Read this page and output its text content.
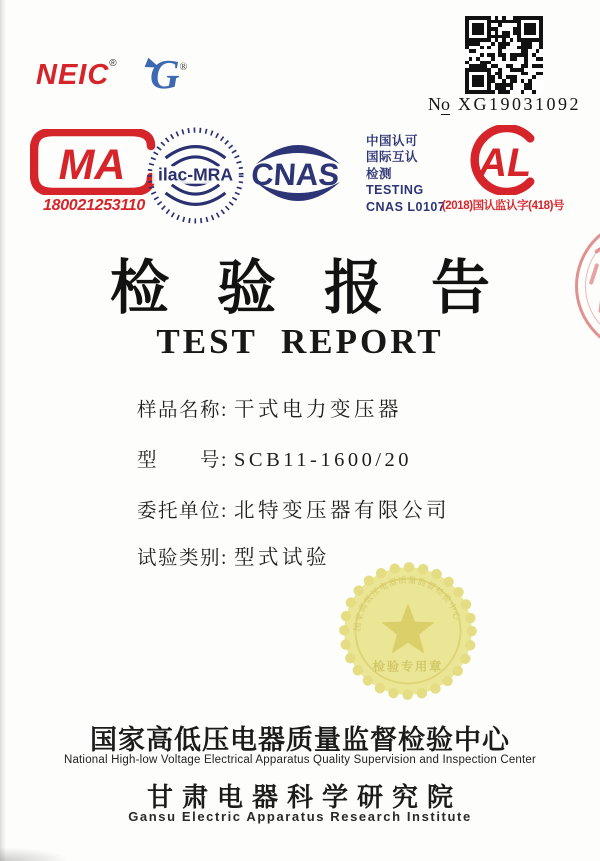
NEIC® G®
No XG19031092
MA
180021253110
ilac-MRA CNAS
中国认可
国际互认
检测
TESTING
CNAS L0107
AL
(2018)国认监认字(418)号
检验报告
TEST REPORT
样品名称: 干式电力变压器
型　　号: SCB11-1600/20
委托单位: 北特变压器有限公司
试验类别: 型式试验
国家高低压电器质量监督检验中心
检验专用章
国家高低压电器质量监督检验中心
National High-low Voltage Electrical Apparatus Quality Supervision and Inspection Center
甘肃电器科学研究院
Gansu Electric Apparatus Research Institute
